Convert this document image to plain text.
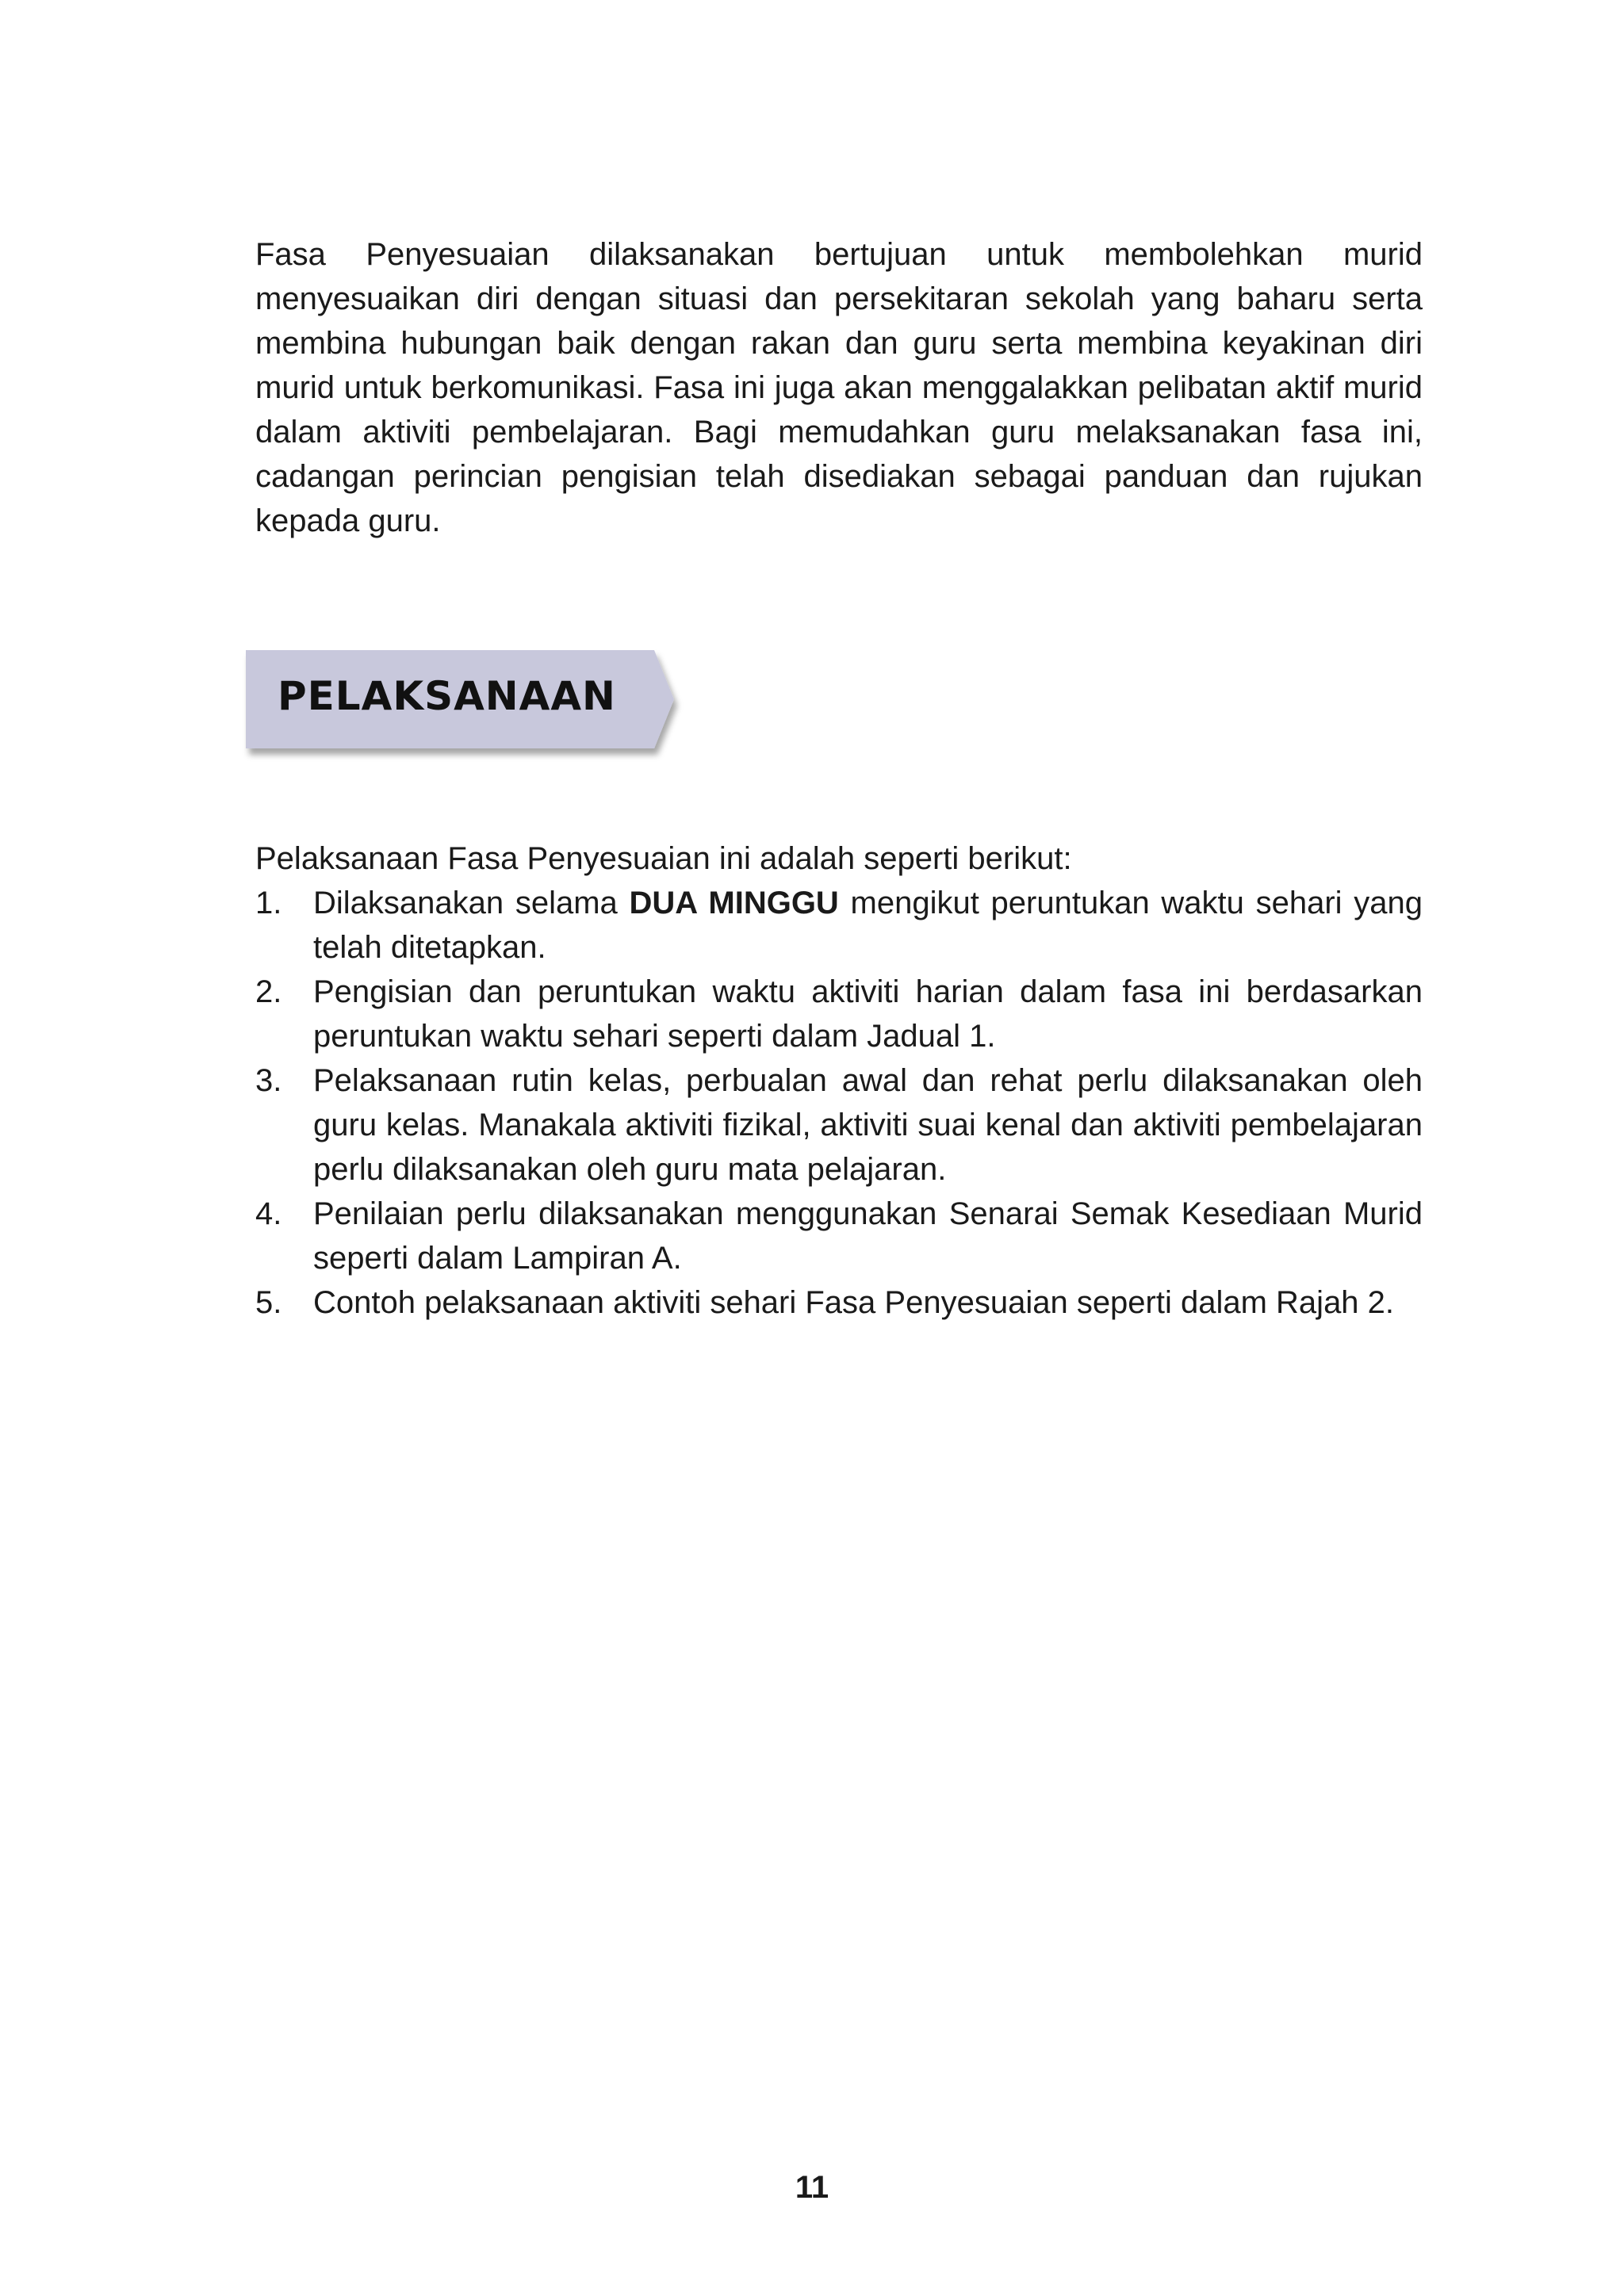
Fasa Penyesuaian dilaksanakan bertujuan untuk membolehkan murid menyesuaikan diri dengan situasi dan persekitaran sekolah yang baharu serta membina hubungan baik dengan rakan dan guru serta membina keyakinan diri murid untuk berkomunikasi. Fasa ini juga akan menggalakkan pelibatan aktif murid dalam aktiviti pembelajaran. Bagi memudahkan guru melaksanakan fasa ini, cadangan perincian pengisian telah disediakan sebagai panduan dan rujukan kepada guru.

PELAKSANAAN

Pelaksanaan Fasa Penyesuaian ini adalah seperti berikut:

1. Dilaksanakan selama DUA MINGGU mengikut peruntukan waktu sehari yang telah ditetapkan.
2. Pengisian dan peruntukan waktu aktiviti harian dalam fasa ini berdasarkan peruntukan waktu sehari seperti dalam Jadual 1.
3. Pelaksanaan rutin kelas, perbualan awal dan rehat perlu dilaksanakan oleh guru kelas. Manakala aktiviti fizikal, aktiviti suai kenal dan aktiviti pembelajaran perlu dilaksanakan oleh guru mata pelajaran.
4. Penilaian perlu dilaksanakan menggunakan Senarai Semak Kesediaan Murid seperti dalam Lampiran A.
5. Contoh pelaksanaan aktiviti sehari Fasa Penyesuaian seperti dalam Rajah 2.

11
